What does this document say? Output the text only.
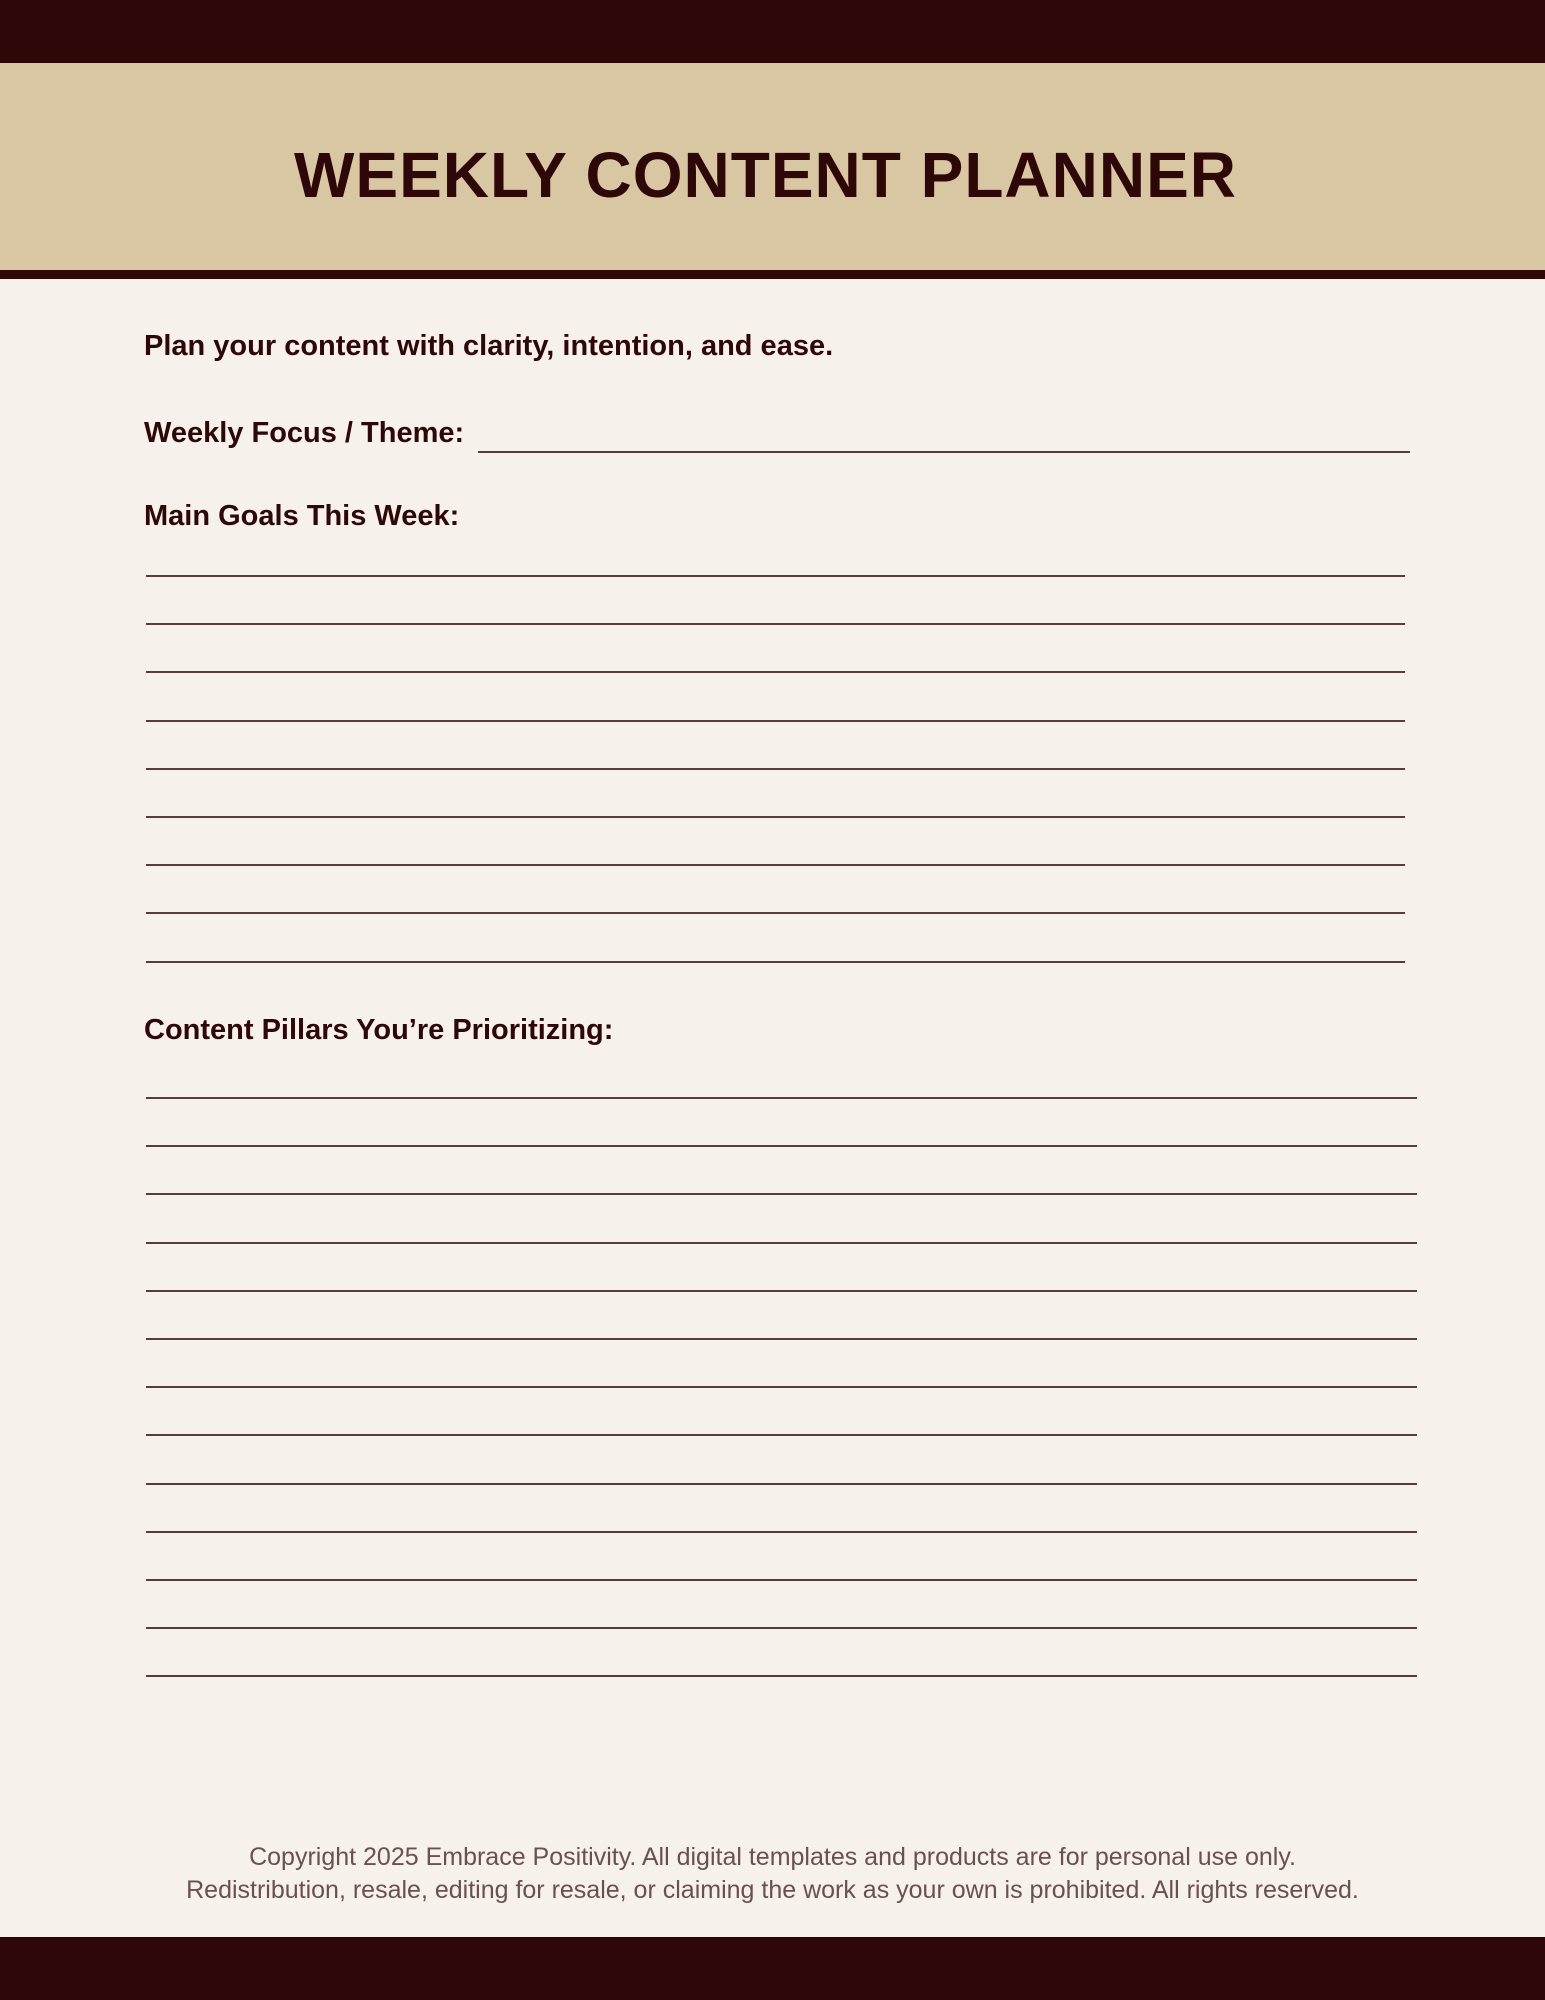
WEEKLY CONTENT PLANNER

Plan your content with clarity, intention, and ease.

Weekly Focus / Theme:

Main Goals This Week:

Content Pillars You’re Prioritizing:

Copyright 2025 Embrace Positivity. All digital templates and products are for personal use only.

Redistribution, resale, editing for resale, or claiming the work as your own is prohibited. All rights reserved.
